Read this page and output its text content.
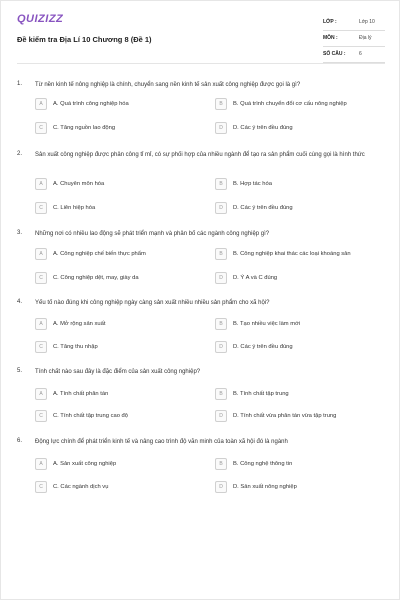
QUIZIZZ
Đề kiểm tra Địa Lí 10 Chương 8 (Đề 1)
LỚP :	Lớp 10
MÔN :	Địa lý
SỐ CÂU :	6
1. Từ nền kinh tế nông nghiệp là chính, chuyển sang nền kinh tế sản xuất công nghiệp được gọi là gì?
A	A. Quá trình công nghiệp hóa	B	B. Quá trình chuyển đổi cơ cấu nông nghiệp
C	C. Tăng nguồn lao động	D	D. Các ý trên đều đúng
2. Sản xuất công nghiệp được phân công tỉ mỉ, có sự phối hợp của nhiều ngành để tạo ra sản phẩm cuối cùng gọi là hình thức
A	A. Chuyên môn hóa	B	B. Hợp tác hóa
C	C. Liên hiệp hóa	D	D. Các ý trên đều đúng
3. Những nơi có nhiều lao động sẽ phát triển mạnh và phân bố các ngành công nghiệp gì?
A	A. Công nghiệp chế biến thực phẩm	B	B. Công nghiệp khai thác các loại khoáng sản
C	C. Công nghiệp dệt, may, giày da	D	D. Ý A và C đúng
4. Yếu tố nào đúng khi công nghiệp ngày càng sản xuất nhiều nhiều sản phẩm cho xã hội?
A	A. Mở rộng sản xuất	B	B. Tạo nhiều việc làm mới
C	C. Tăng thu nhập	D	D. Các ý trên đều đúng
5. Tính chất nào sau đây là đặc điểm của sản xuất công nghiệp?
A	A. Tính chất phân tán	B	B. Tính chất tập trung
C	C. Tính chất tập trung cao độ	D	D. Tính chất vừa phân tán vừa tập trung
6. Động lực chính để phát triển kinh tế và nâng cao trình độ văn minh của toàn xã hội đó là ngành
A	A. Sản xuất công nghiệp	B	B. Công nghệ thông tin
C	C. Các ngành dịch vụ	D	D. Sản xuất nông nghiệp
